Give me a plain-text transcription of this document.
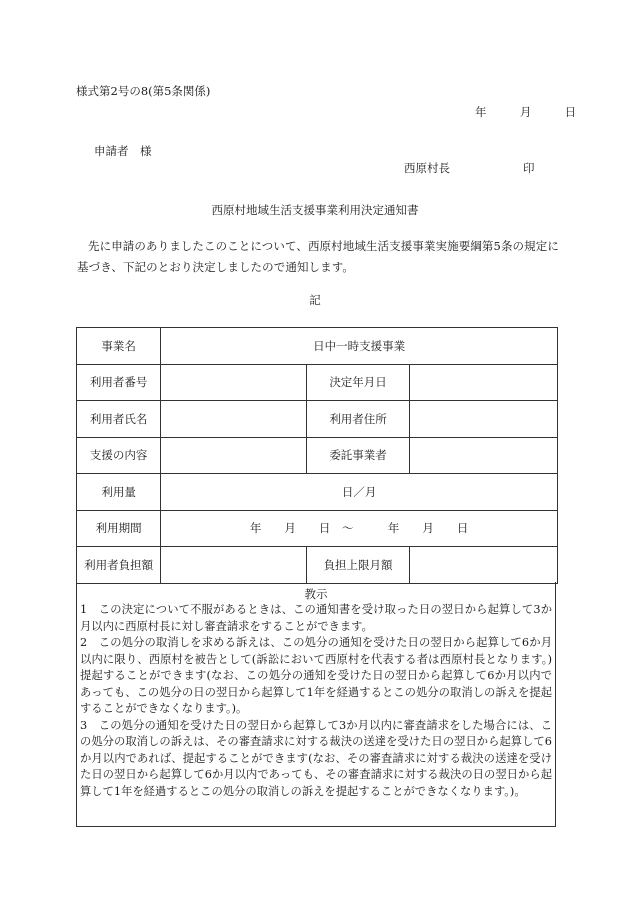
様式第2号の8(第5条関係)
年	月	日
申請者　様
西原村長	印
西原村地域生活支援事業利用決定通知書
先に申請のありましたこのことについて、西原村地域生活支援事業実施要綱第5条の規定に基づき、下記のとおり決定しましたので通知します。
記
事業名	日中一時支援事業		
利用者番号		決定年月日	
利用者氏名		利用者住所	
支援の内容		委託事業者	
利用量	日／月		
利用期間	年　　月　　日　～　　　年　　月　　日		
利用者負担額		負担上限月額	
教示
1　この決定について不服があるときは、この通知書を受け取った日の翌日から起算して3か月以内に西原村長に対し審査請求をすることができます。
2　この処分の取消しを求める訴えは、この処分の通知を受けた日の翌日から起算して6か月以内に限り、西原村を被告として(訴訟において西原村を代表する者は西原村長となります。)提起することができます(なお、この処分の通知を受けた日の翌日から起算して6か月以内であっても、この処分の日の翌日から起算して1年を経過するとこの処分の取消しの訴えを提起することができなくなります。)。
3　この処分の通知を受けた日の翌日から起算して3か月以内に審査請求をした場合には、この処分の取消しの訴えは、その審査請求に対する裁決の送達を受けた日の翌日から起算して6か月以内であれば、提起することができます(なお、その審査請求に対する裁決の送達を受けた日の翌日から起算して6か月以内であっても、その審査請求に対する裁決の日の翌日から起算して1年を経過するとこの処分の取消しの訴えを提起することができなくなります。)。
